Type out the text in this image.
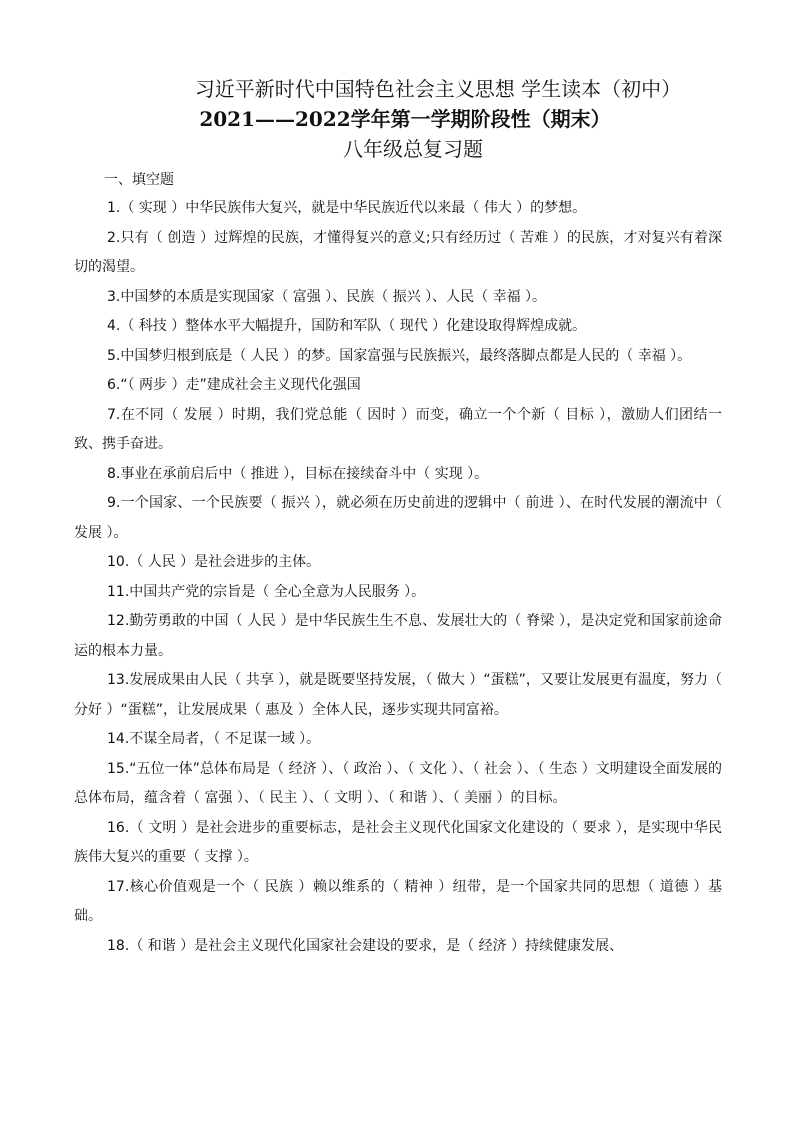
习近平新时代中国特色社会主义思想 学生读本（初中）
2021——2022学年第一学期阶段性（期末）
八年级总复习题
一、填空题

1.（ 实现 ）中华民族伟大复兴，就是中华民族近代以来最（ 伟大 ）的梦想。

2.只有（ 创造 ）过辉煌的民族，才懂得复兴的意义;只有经历过（ 苦难 ）的民族，才对复兴有着深切的渴望。

3.中国梦的本质是实现国家（ 富强 ）、民族（ 振兴 ）、人民（ 幸福 ）。

4.（ 科技 ）整体水平大幅提升，国防和军队（ 现代 ）化建设取得辉煌成就。

5.中国梦归根到底是（ 人民 ）的梦。国家富强与民族振兴，最终落脚点都是人民的（ 幸福 ）。

6.“（ 两步 ）走”建成社会主义现代化强国

7.在不同（ 发展 ）时期，我们党总能（ 因时 ）而变，确立一个个新（ 目标 ），激励人们团结一致、携手奋进。

8.事业在承前启后中（ 推进 ），目标在接续奋斗中（ 实现 ）。

9.一个国家、一个民族要（ 振兴 ），就必须在历史前进的逻辑中（ 前进 ）、在时代发展的潮流中（ 发展 ）。

10.（ 人民 ）是社会进步的主体。

11.中国共产党的宗旨是（ 全心全意为人民服务 ）。

12.勤劳勇敢的中国（ 人民 ）是中华民族生生不息、发展壮大的（ 脊梁 ），是决定党和国家前途命运的根本力量。

13.发展成果由人民（ 共享 ），就是既要坚持发展，（ 做大 ）“蛋糕”，又要让发展更有温度，努力（ 分好 ）“蛋糕”，让发展成果（ 惠及 ）全体人民，逐步实现共同富裕。

14.不谋全局者，（ 不足谋一域 ）。

15.“五位一体”总体布局是（ 经济 ）、（ 政治 ）、（ 文化 ）、（ 社会 ）、（ 生态 ）文明建设全面发展的总体布局，蕴含着（ 富强 ）、（ 民主 ）、（ 文明 ）、（ 和谐 ）、（ 美丽 ）的目标。

16.（ 文明 ）是社会进步的重要标志，是社会主义现代化国家文化建设的（ 要求 ），是实现中华民族伟大复兴的重要（ 支撑 ）。

17.核心价值观是一个（ 民族 ）赖以维系的（ 精神 ）纽带，是一个国家共同的思想（ 道德 ）基础。

18.（ 和谐 ）是社会主义现代化国家社会建设的要求，是（ 经济 ）持续健康发展、
